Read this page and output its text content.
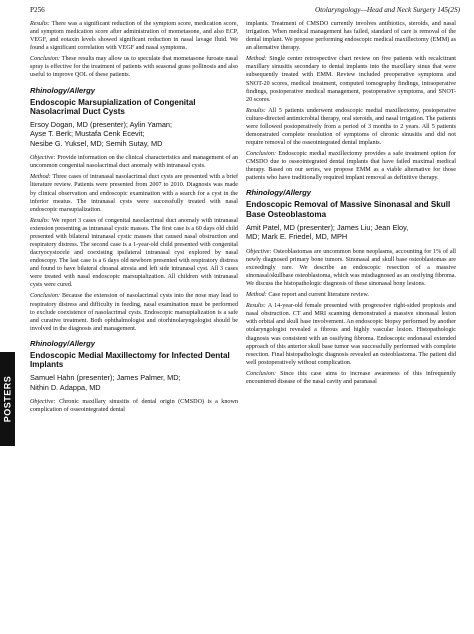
P256	Otolaryngology—Head and Neck Surgery 145(2S)
POSTERS

Results: There was a significant reduction of the symptom score, medication score, and symptom medication score after administration of mometasone, and also ECP, VEGF, and eotaxin levels showed significant reduction in nasal lavage fluid. We found a significant correlation with VEGF and nasal symptoms.

Conclusion: These results may allow us to speculate that mometasone furoate nasal spray is effective for the treatment of patients with seasonal grass pollinosis and also useful to improve QOL of these patients.

Rhinology/Allergy
Endoscopic Marsupialization of Congenital Nasolacrimal Duct Cysts
Ersoy Dogan, MD (presenter); Aylin Yaman;
Ayse T. Berk; Mustafa Cenk Ecevit;
Nesibe G. Yuksel, MD; Semih Sutay, MD

Objective: Provide information on the clinical characteristics and management of an uncommon congenital nasolacrimal duct anomaly with intranasal cysts.

Method: Three cases of intranasal nasolacrimal duct cysts are presented with a brief literature review. Patients were presented from 2007 to 2010. Diagnosis was made by clinical observation and endoscopic examination with a search for a cyst in the inferior meatus. The intranasal cysts were successfully treated with nasal endoscopic marsupialization.

Results: We report 3 cases of congenital nasolacrimal duct anomaly with intranasal extension presenting as intranasal cystic masses. The first case is a 60 days old child presented with bilateral intranasal cystic masses that caused nasal obstruction and respiratory distress. The second case is a 1-year-old child presented with congenital dacryocystocele and coexisting ipsilateral intranasal cyst explored by nasal endoscopy. The last case is a 6 days old newborn presented with respiratory distress and found to have bilateral choanal atresia and left side intranasal cyst. All 3 cases were treated with nasal endoscopic marsupialization. All children with intranasal cysts were cured.

Conclusion: Because the extension of nasolacrimal cysts into the nose may lead to respiratory distress and difficulty in feeding, nasal examination must be performed to exclude coexistence of nasolacrimal cysts. Endoscopic marsupialization is a safe and curative treatment. Both ophthalmologist and otorhinolaryngologist should be involved in the diagnosis and management.

Rhinology/Allergy
Endoscopic Medial Maxillectomy for Infected Dental Implants
Samuel Hahn (presenter); James Palmer, MD;
Nithin D. Adappa, MD

Objective: Chronic maxillary sinusitis of dental origin (CMSDO) is a known complication of osseointegrated dental

implants. Treatment of CMSDO currently involves antibiotics, steroids, and nasal irrigation. When medical management has failed, standard of care is removal of the dental implant. We propose performing endoscopic medical maxillectomy (EMM) as an alternative therapy.

Method: Single center retrospective chart review on five patients with recalcitrant maxillary sinusitis secondary to dental implants into the maxillary sinus that were subsequently treated with EMM. Review included preoperative symptoms and SNOT-20 scores, medical treatment, computed tomography findings, intraoperative findings, postoperative medical management, postoperative symptoms, and SNOT-20 scores.

Results: All 5 patients underwent endoscopic medial maxillectomy, postoperative culture-directed antimicrobial therapy, oral steroids, and nasal irrigation. The patients were followed postoperatively from a period of 3 months to 2 years. All 5 patients demonstrated complete resolution of symptoms of chronic sinusitis and did not require removal of the osseointegrated dental implants.

Conclusion: Endoscopic medial maxillectomy provides a safe treatment option for CMSDO due to osseointegrated dental implants that have failed maximal medical therapy. Based on our series, we propose EMM as a viable alternative for those patients who have traditionally required implant removal as definitive therapy.

Rhinology/Allergy
Endoscopic Removal of Massive Sinonasal and Skull Base Osteoblastoma
Amit Patel, MD (presenter); James Liu; Jean Eloy,
MD; Mark E. Friedel, MD, MPH

Objective: Osteoblastomas are uncommon bone neoplasms, accounting for 1% of all newly diagnosed primary bone tumors. Sinonasal and skull base osteoblastomas are exceedingly rare. We describe an endoscopic resection of a massive sinonasal/skullbase osteoblastoma, which was misdiagnosed as an ossifying fibroma. We discuss the histopathologic diagnosis of these sinonasal bony lesions.

Method: Case report and current literature review.

Results: A 14-year-old female presented with progressive right-sided proptosis and nasal obstruction. CT and MRI scanning demonstrated a massive sinonasal lesion with orbital and skull base involvement. An endoscopic biopsy performed by another otolaryngologist revealed a fibrous and highly vascular lesion. Histopathologic diagnosis was consistent with an ossifying fibroma. Endoscopic endonasal extended approach of this anterior skull base tumor was successfully performed with complete resection. Final histopathologic diagnosis revealed an osteoblastoma. The patient did well postoperatively without complication.

Conclusion: Since this case aims to increase awareness of this infrequently encountered disease of the nasal cavity and paranasal
